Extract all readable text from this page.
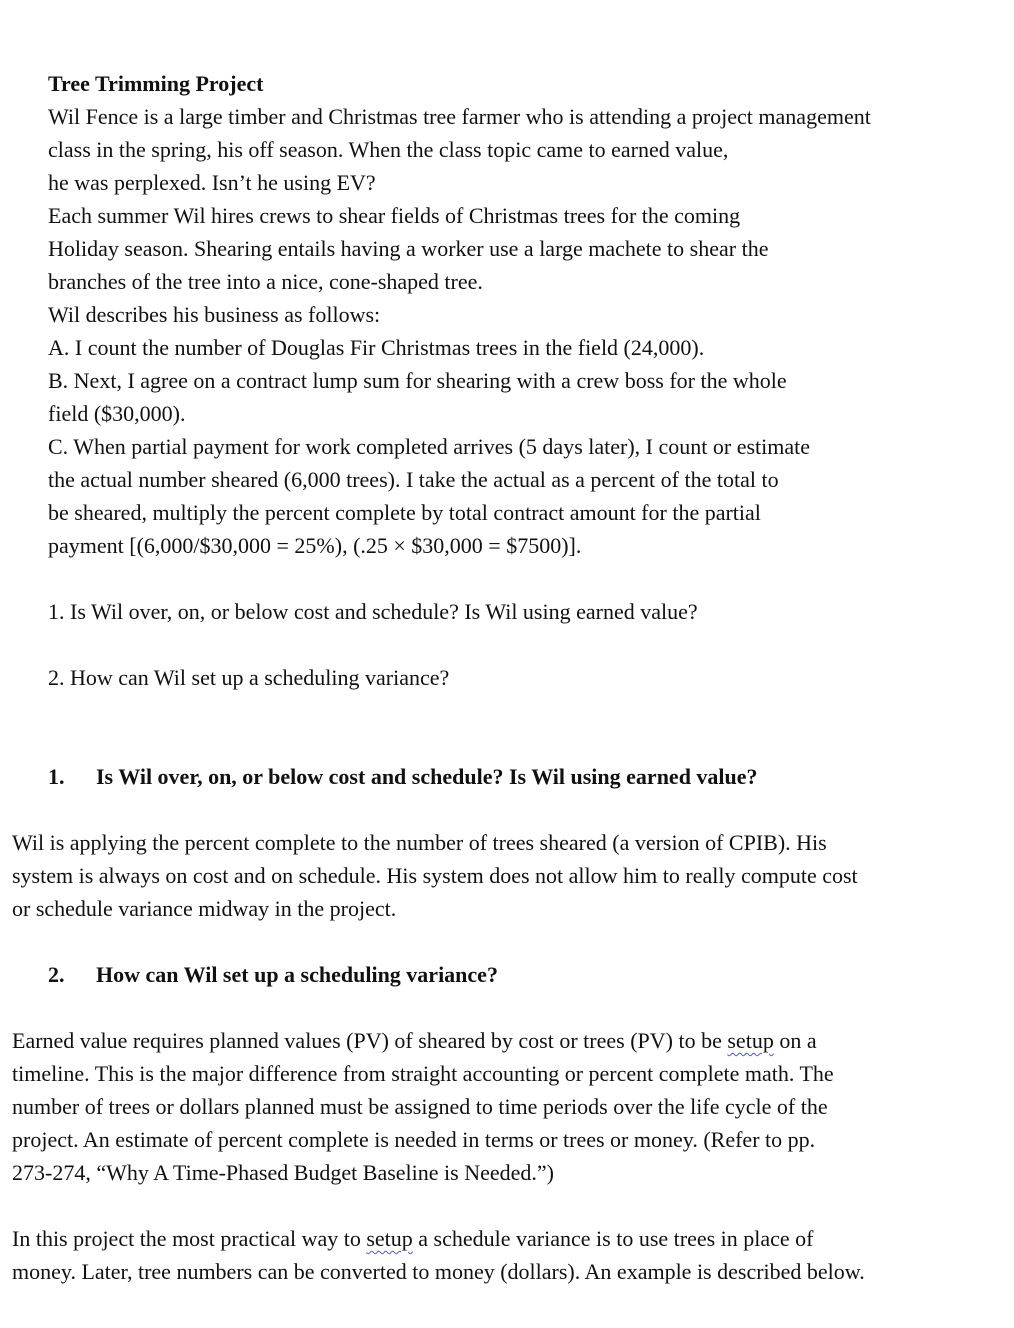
Tree Trimming Project
Wil Fence is a large timber and Christmas tree farmer who is attending a project management
class in the spring, his off season. When the class topic came to earned value,
he was perplexed. Isn’t he using EV?
Each summer Wil hires crews to shear fields of Christmas trees for the coming
Holiday season. Shearing entails having a worker use a large machete to shear the
branches of the tree into a nice, cone-shaped tree.
Wil describes his business as follows:
A. I count the number of Douglas Fir Christmas trees in the field (24,000).
B. Next, I agree on a contract lump sum for shearing with a crew boss for the whole
field ($30,000).
C. When partial payment for work completed arrives (5 days later), I count or estimate
the actual number sheared (6,000 trees). I take the actual as a percent of the total to
be sheared, multiply the percent complete by total contract amount for the partial
payment [(6,000/$30,000 = 25%), (.25 × $30,000 = $7500)].
1. Is Wil over, on, or below cost and schedule? Is Wil using earned value?
2. How can Wil set up a scheduling variance?
1. Is Wil over, on, or below cost and schedule? Is Wil using earned value?
Wil is applying the percent complete to the number of trees sheared (a version of CPIB). His
system is always on cost and on schedule. His system does not allow him to really compute cost
or schedule variance midway in the project.
2. How can Wil set up a scheduling variance?
Earned value requires planned values (PV) of sheared by cost or trees (PV) to be setup on a
timeline. This is the major difference from straight accounting or percent complete math. The
number of trees or dollars planned must be assigned to time periods over the life cycle of the
project. An estimate of percent complete is needed in terms or trees or money. (Refer to pp.
273-274, “Why A Time-Phased Budget Baseline is Needed.”)
In this project the most practical way to setup a schedule variance is to use trees in place of
money. Later, tree numbers can be converted to money (dollars). An example is described below.
